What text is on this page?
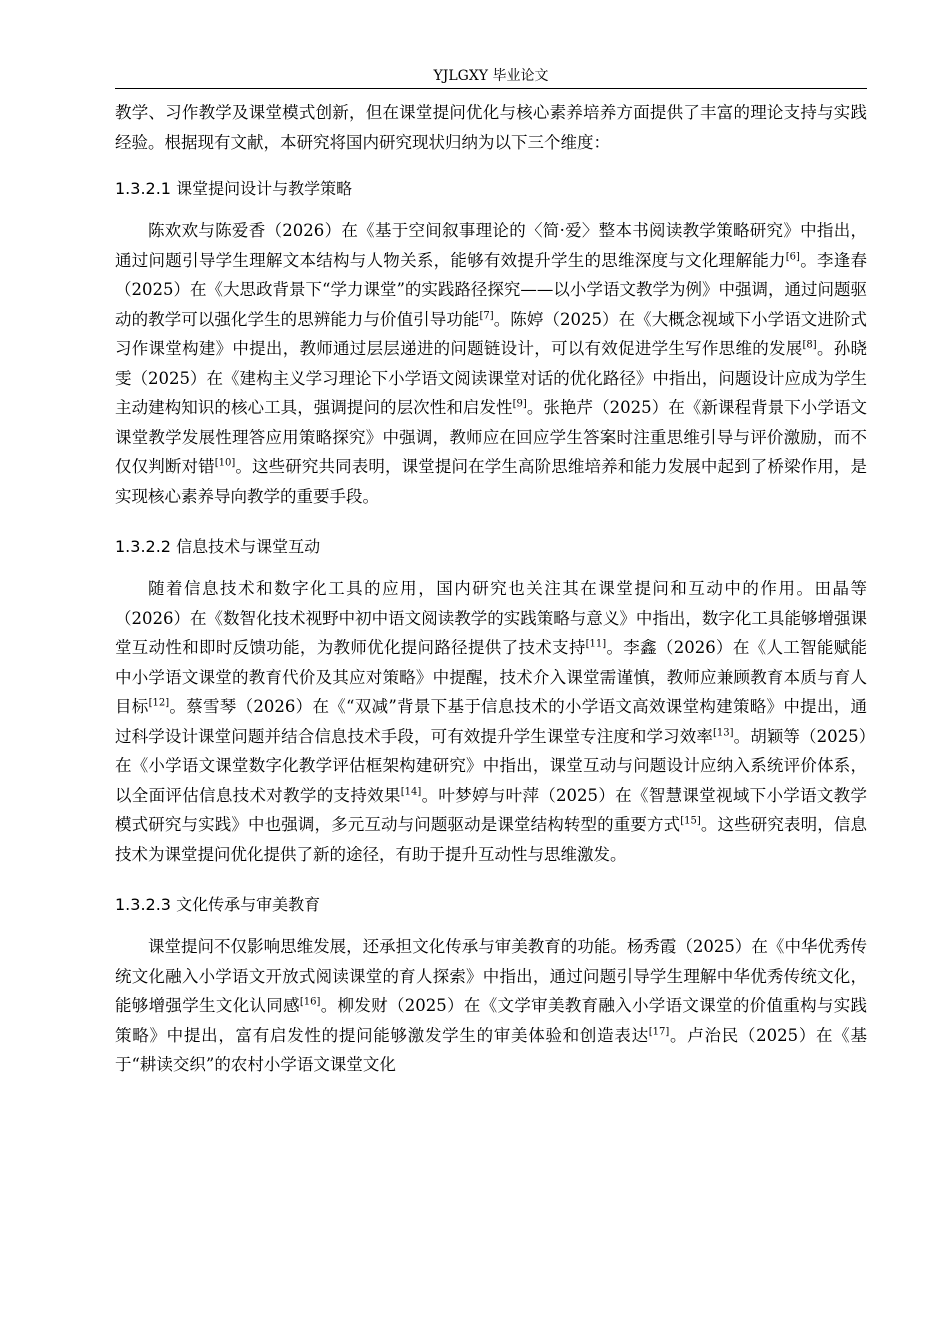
YJLGXY 毕业论文

教学、习作教学及课堂模式创新，但在课堂提问优化与核心素养培养方面提供了丰富的理论支持与实践经验。根据现有文献，本研究将国内研究现状归纳为以下三个维度：

1.3.2.1 课堂提问设计与教学策略

陈欢欢与陈爱香（2026）在《基于空间叙事理论的〈简·爱〉整本书阅读教学策略研究》中指出，通过问题引导学生理解文本结构与人物关系，能够有效提升学生的思维深度与文化理解能力[6]。李逢春（2025）在《大思政背景下“学力课堂”的实践路径探究——以小学语文教学为例》中强调，通过问题驱动的教学可以强化学生的思辨能力与价值引导功能[7]。陈婷（2025）在《大概念视域下小学语文进阶式习作课堂构建》中提出，教师通过层层递进的问题链设计，可以有效促进学生写作思维的发展[8]。孙晓雯（2025）在《建构主义学习理论下小学语文阅读课堂对话的优化路径》中指出，问题设计应成为学生主动建构知识的核心工具，强调提问的层次性和启发性[9]。张艳芹（2025）在《新课程背景下小学语文课堂教学发展性理答应用策略探究》中强调，教师应在回应学生答案时注重思维引导与评价激励，而不仅仅判断对错[10]。这些研究共同表明，课堂提问在学生高阶思维培养和能力发展中起到了桥梁作用，是实现核心素养导向教学的重要手段。

1.3.2.2 信息技术与课堂互动

随着信息技术和数字化工具的应用，国内研究也关注其在课堂提问和互动中的作用。田晶等（2026）在《数智化技术视野中初中语文阅读教学的实践策略与意义》中指出，数字化工具能够增强课堂互动性和即时反馈功能，为教师优化提问路径提供了技术支持[11]。李鑫（2026）在《人工智能赋能中小学语文课堂的教育代价及其应对策略》中提醒，技术介入课堂需谨慎，教师应兼顾教育本质与育人目标[12]。蔡雪琴（2026）在《“双减”背景下基于信息技术的小学语文高效课堂构建策略》中提出，通过科学设计课堂问题并结合信息技术手段，可有效提升学生课堂专注度和学习效率[13]。胡颖等（2025）在《小学语文课堂数字化教学评估框架构建研究》中指出，课堂互动与问题设计应纳入系统评价体系，以全面评估信息技术对教学的支持效果[14]。叶梦婷与叶萍（2025）在《智慧课堂视域下小学语文教学模式研究与实践》中也强调，多元互动与问题驱动是课堂结构转型的重要方式[15]。这些研究表明，信息技术为课堂提问优化提供了新的途径，有助于提升互动性与思维激发。

1.3.2.3 文化传承与审美教育

课堂提问不仅影响思维发展，还承担文化传承与审美教育的功能。杨秀霞（2025）在《中华优秀传统文化融入小学语文开放式阅读课堂的育人探索》中指出，通过问题引导学生理解中华优秀传统文化，能够增强学生文化认同感[16]。柳发财（2025）在《文学审美教育融入小学语文课堂的价值重构与实践策略》中提出，富有启发性的提问能够激发学生的审美体验和创造表达[17]。卢治民（2025）在《基于“耕读交织”的农村小学语文课堂文化
